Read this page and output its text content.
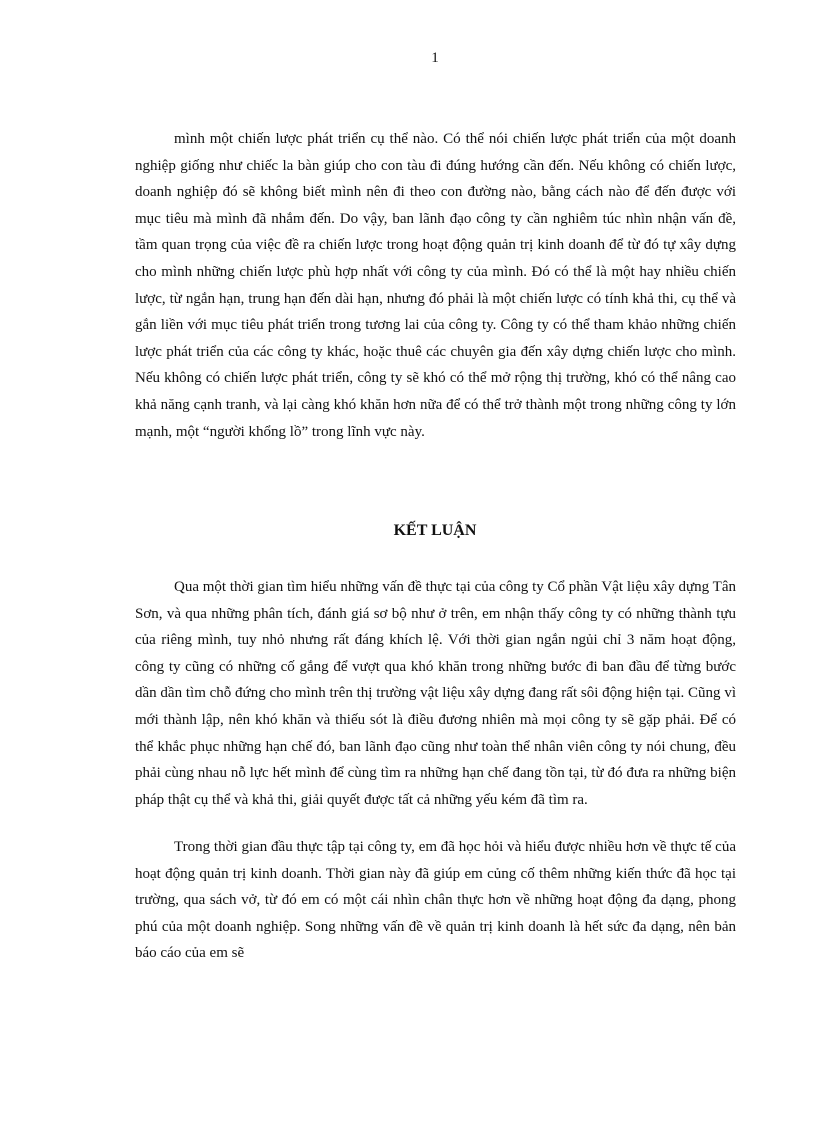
1

mình một chiến lược phát triển cụ thể nào. Có thể nói chiến lược phát triển của một doanh nghiệp giống như chiếc la bàn giúp cho con tàu đi đúng hướng cần đến. Nếu không có chiến lược, doanh nghiệp đó sẽ không biết mình nên đi theo con đường nào, bằng cách nào để đến được với mục tiêu mà mình đã nhắm đến. Do vậy, ban lãnh đạo công ty cần nghiêm túc nhìn nhận vấn đề, tầm quan trọng của việc đề ra chiến lược trong hoạt động quản trị kinh doanh để từ đó tự xây dựng cho mình những chiến lược phù hợp nhất với công ty của mình. Đó có thể là một hay nhiều chiến lược, từ ngắn hạn, trung hạn đến dài hạn, nhưng đó phải là một chiến lược có tính khả thi, cụ thể và gắn liền với mục tiêu phát triển trong tương lai của công ty. Công ty có thể tham khảo những chiến lược phát triển của các công ty khác, hoặc thuê các chuyên gia đến xây dựng chiến lược cho mình. Nếu không có chiến lược phát triển, công ty sẽ khó có thể mở rộng thị trường, khó có thể nâng cao khả năng cạnh tranh, và lại càng khó khăn hơn nữa để có thể trở thành một trong những công ty lớn mạnh, một “người khổng lồ” trong lĩnh vực này.

KẾT LUẬN

Qua một thời gian tìm hiểu những vấn đề thực tại của công ty Cổ phần Vật liệu xây dựng Tân Sơn, và qua những phân tích, đánh giá sơ bộ như ở trên, em nhận thấy công ty có những thành tựu của riêng mình, tuy nhỏ nhưng rất đáng khích lệ. Với thời gian ngắn ngủi chỉ 3 năm hoạt động, công ty cũng có những cố gắng để vượt qua khó khăn trong những bước đi ban đầu để từng bước dần dần tìm chỗ đứng cho mình trên thị trường vật liệu xây dựng đang rất sôi động hiện tại. Cũng vì mới thành lập, nên khó khăn và thiếu sót là điều đương nhiên mà mọi công ty sẽ gặp phải. Để có thể khắc phục những hạn chế đó, ban lãnh đạo cũng như toàn thể nhân viên công ty nói chung, đều phải cùng nhau nỗ lực hết mình để cùng tìm ra những hạn chế đang tồn tại, từ đó đưa ra những biện pháp thật cụ thể và khả thi, giải quyết được tất cả những yếu kém đã tìm ra.

Trong thời gian đầu thực tập tại công ty, em đã học hỏi và hiểu được nhiều hơn về thực tế của hoạt động quản trị kinh doanh. Thời gian này đã giúp em củng cố thêm những kiến thức đã học tại trường, qua sách vở, từ đó em có một cái nhìn chân thực hơn về những hoạt động đa dạng, phong phú của một doanh nghiệp. Song những vấn đề về quản trị kinh doanh là hết sức đa dạng, nên bản báo cáo của em sẽ
